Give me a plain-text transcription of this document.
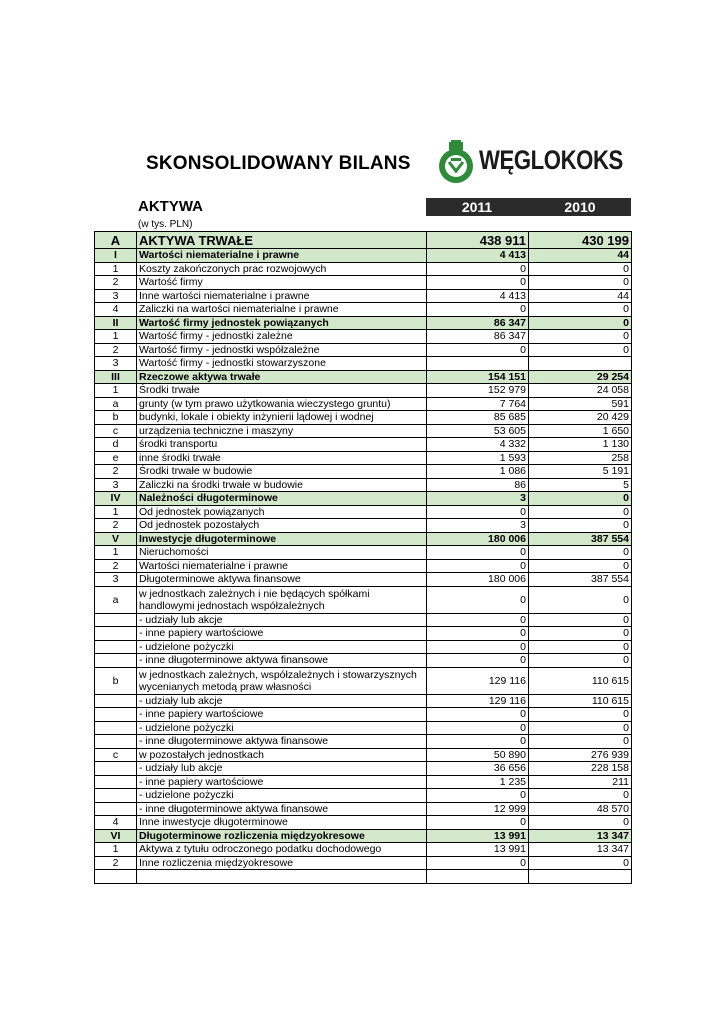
SKONSOLIDOWANY BILANS	WĘGLOKOKS
AKTYWA
(w tys. PLN)
2011	2010
A	AKTYWA TRWAŁE	438 911	430 199
I	Wartości niematerialne i prawne	4 413	44
1	Koszty zakończonych prac rozwojowych	0	0
2	Wartość firmy	0	0
3	Inne wartości niematerialne i prawne	4 413	44
4	Zaliczki na wartości niematerialne i prawne	0	0
II	Wartość firmy jednostek powiązanych	86 347	0
1	Wartość firmy - jednostki zależne	86 347	0
2	Wartość firmy - jednostki współzależne	0	0
3	Wartość firmy - jednostki stowarzyszone		
III	Rzeczowe aktywa trwałe	154 151	29 254
1	Środki trwałe	152 979	24 058
a	grunty (w tym prawo użytkowania wieczystego gruntu)	7 764	591
b	budynki, lokale i obiekty inżynierii lądowej i wodnej	85 685	20 429
c	urządzenia techniczne i maszyny	53 605	1 650
d	środki transportu	4 332	1 130
e	inne środki trwałe	1 593	258
2	Środki trwałe w budowie	1 086	5 191
3	Zaliczki na środki trwałe w budowie	86	5
IV	Należności długoterminowe	3	0
1	Od jednostek powiązanych	0	0
2	Od jednostek pozostałych	3	0
V	Inwestycje długoterminowe	180 006	387 554
1	Nieruchomości	0	0
2	Wartości niematerialne i prawne	0	0
3	Długoterminowe aktywa finansowe	180 006	387 554
a	w jednostkach zależnych i nie będących spółkami handlowymi jednostach współzależnych	0	0
	- udziały lub akcje	0	0
	- inne papiery wartościowe	0	0
	- udzielone pożyczki	0	0
	- inne długoterminowe aktywa finansowe	0	0
b	w jednostkach zależnych, współzależnych i stowarzysznych wycenianych metodą praw własności	129 116	110 615
	- udziały lub akcje	129 116	110 615
	- inne papiery wartościowe	0	0
	- udzielone pożyczki	0	0
	- inne długoterminowe aktywa finansowe	0	0
c	w pozostałych jednostkach	50 890	276 939
	- udziały lub akcje	36 656	228 158
	- inne papiery wartościowe	1 235	211
	- udzielone pożyczki	0	0
	- inne długoterminowe aktywa finansowe	12 999	48 570
4	Inne inwestycje długoterminowe	0	0
VI	Długoterminowe rozliczenia międzyokresowe	13 991	13 347
1	Aktywa z tytułu odroczonego podatku dochodowego	13 991	13 347
2	Inne rozliczenia międzyokresowe	0	0
